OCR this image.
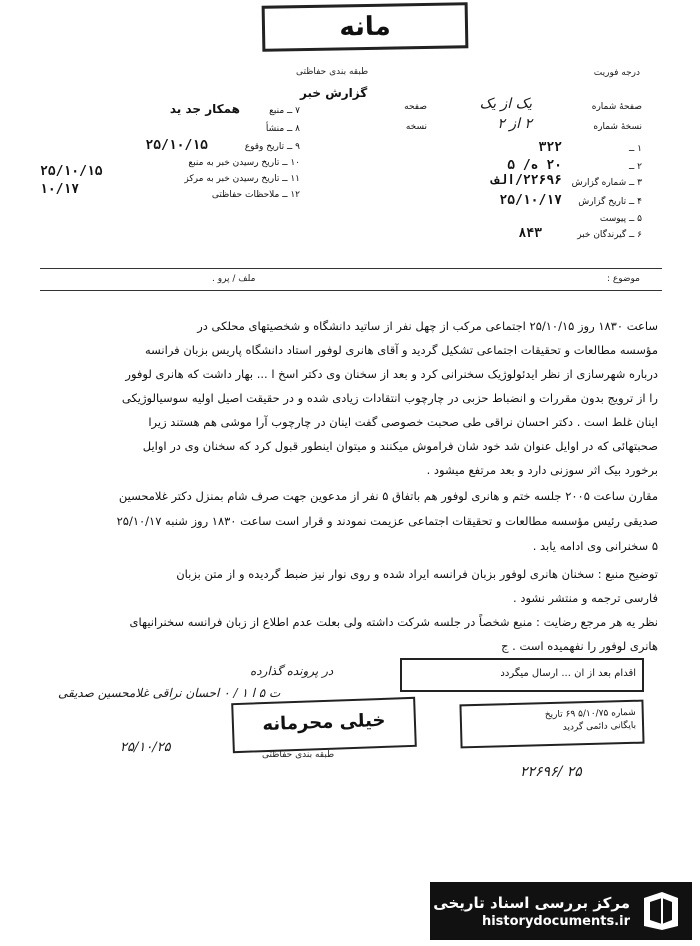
مانه
طبقه بندی حفاظتی	درجه فوریت
گزارش خبر
صفحهٔ شماره
یک از یک
صفحه
نسخهٔ شماره
۲ از ۲
نسخه
۱ ــ
۳۲۲
۲ ــ
۲۰ ه/ ۵
۳ ــ شماره گزارش
۲۲۶۹۶/الف
۴ ــ تاریخ گزارش
۲۵/۱۰/۱۷
۵ ــ پیوست
۶ ــ گیرندگان خبر
۸۴۳
۷ ــ منبع
همکار جد ید
۸ ــ منشأ
۹ ــ تاریخ وقوع
۲۵/۱۰/۱۵
۱۰ ــ تاریخ رسیدن خبر به منبع
۱۱ ــ تاریخ رسیدن خبر به مرکز
۱۲ ــ ملاحظات حفاظتی
۲۵/۱۰/۱۵
۱۰/۱۷
موضوع :
ملف / پرو .
ساعت ۱۸۳۰ روز ۲۵/۱۰/۱۵ اجتماعی مرکب از چهل نفر از ساتید دانشگاه و شخصیتهای محلکی در
مؤسسه مطالعات و تحقیقات اجتماعی تشکیل گردید و آقای هانری لوفور استاد دانشگاه پاریس بزبان فرانسه
درباره شهرسازی از نظر ایدئولوژیک سخنرانی کرد و بعد از سخنان وی دکتر اسخ ا ... بهار داشت که هانری لوفور
را از ترویج بدون مقررات و انضباط حزبی در چارچوب انتقادات زیادی شده و در حقیقت اصیل اولیه سوسیالوژیکی
اینان غلط است . دکتر احسان نراقی طی صحبت خصوصی گفت اینان در چارچوب آرا موشی هم هستند زیرا
صحبتهائی که در اوایل عنوان شد خود شان فراموش میکنند و میتوان اینطور قبول کرد که سخنان وی در اوایل
برخورد بیک اثر سوزنی دارد و بعد مرتفع میشود .
مقارن ساعت ۲۰۰۵ جلسه ختم و هانری لوفور هم باتفاق ۵ نفر از مدعوین جهت صرف شام بمنزل دکتر غلامحسین
صدیقی رئیس مؤسسه مطالعات و تحقیقات اجتماعی عزیمت نمودند و قرار است ساعت ۱۸۳۰ روز شنبه ۲۵/۱۰/۱۷
۵ سخنرانی وی ادامه یابد .
توضیح منبع : سخنان هانری لوفور بزبان فرانسه ایراد شده و روی نوار نیز ضبط گردیده و از متن بزبان
فارسی ترجمه و منتشر نشود .
نظر یه هر مرجع رضایت : منبع شخصاً در جلسه شرکت داشته ولی بعلت عدم اطلاع از زبان فرانسه سخنرانیهای
هانری لوفور را نفهمیده است . ج
در پرونده گذارده
ت ۵ ا ۱ / ۰ احسان نراقی غلامحسین صدیقی
اقدام بعد از ان ... ارسال میگردد
خیلی محرمانه
طبقه بندی حفاظتی
۲۵/۱۰/۲۵
شماره ۵/۱۰/۷۵ ۶۹ تاریخ
بایگانی دائمی گردید
۲۲۶۹۶/ ۲۵
مرکز بررسی اسناد تاریخی
historydocuments.ir
